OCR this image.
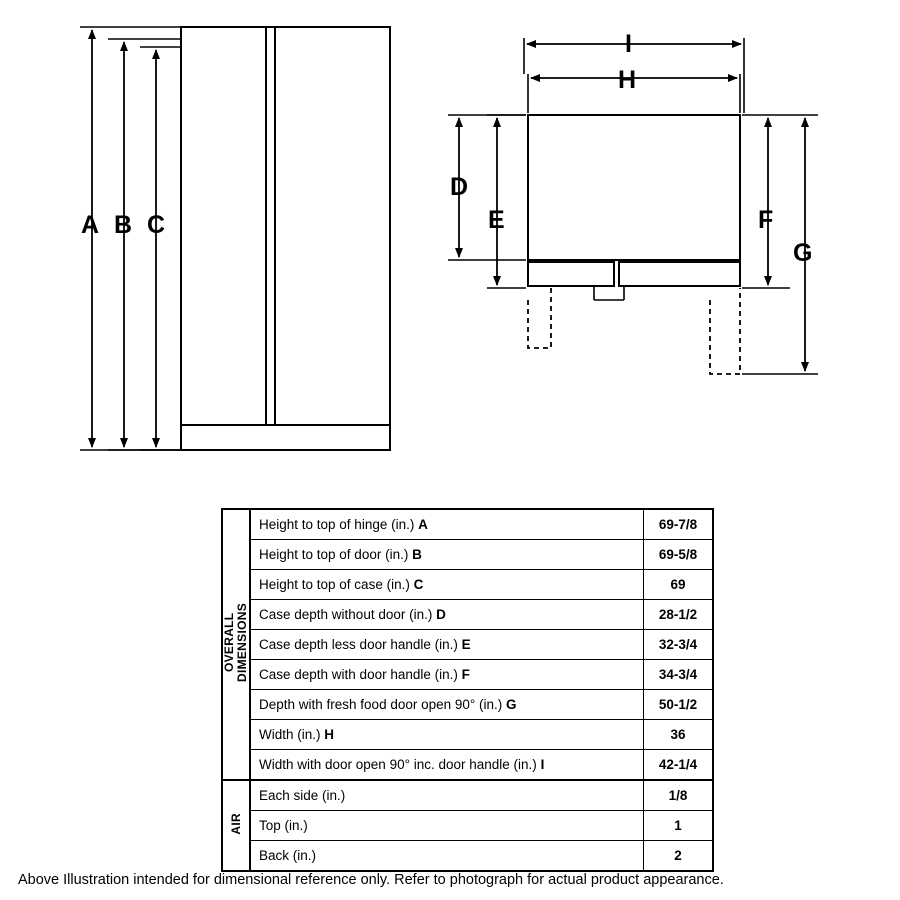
A B C
D
E	F
G
H
I
OVERALL
DIMENSIONS	Height to top of hinge (in.) A	69-7/8
	Height to top of door (in.) B	69-5/8
	Height to top of case (in.) C	69
	Case depth without door (in.) D	28-1/2
	Case depth less door handle (in.) E	32-3/4
	Case depth with door handle (in.) F	34-3/4
	Depth with fresh food door open 90° (in.) G	50-1/2
	Width (in.) H	36
	Width with door open 90° inc. door handle (in.) I	42-1/4
AIR	Each side (in.)	1/8
	Top (in.)	1
	Back (in.)	2
Above Illustration intended for dimensional reference only. Refer to photograph for actual product appearance.
